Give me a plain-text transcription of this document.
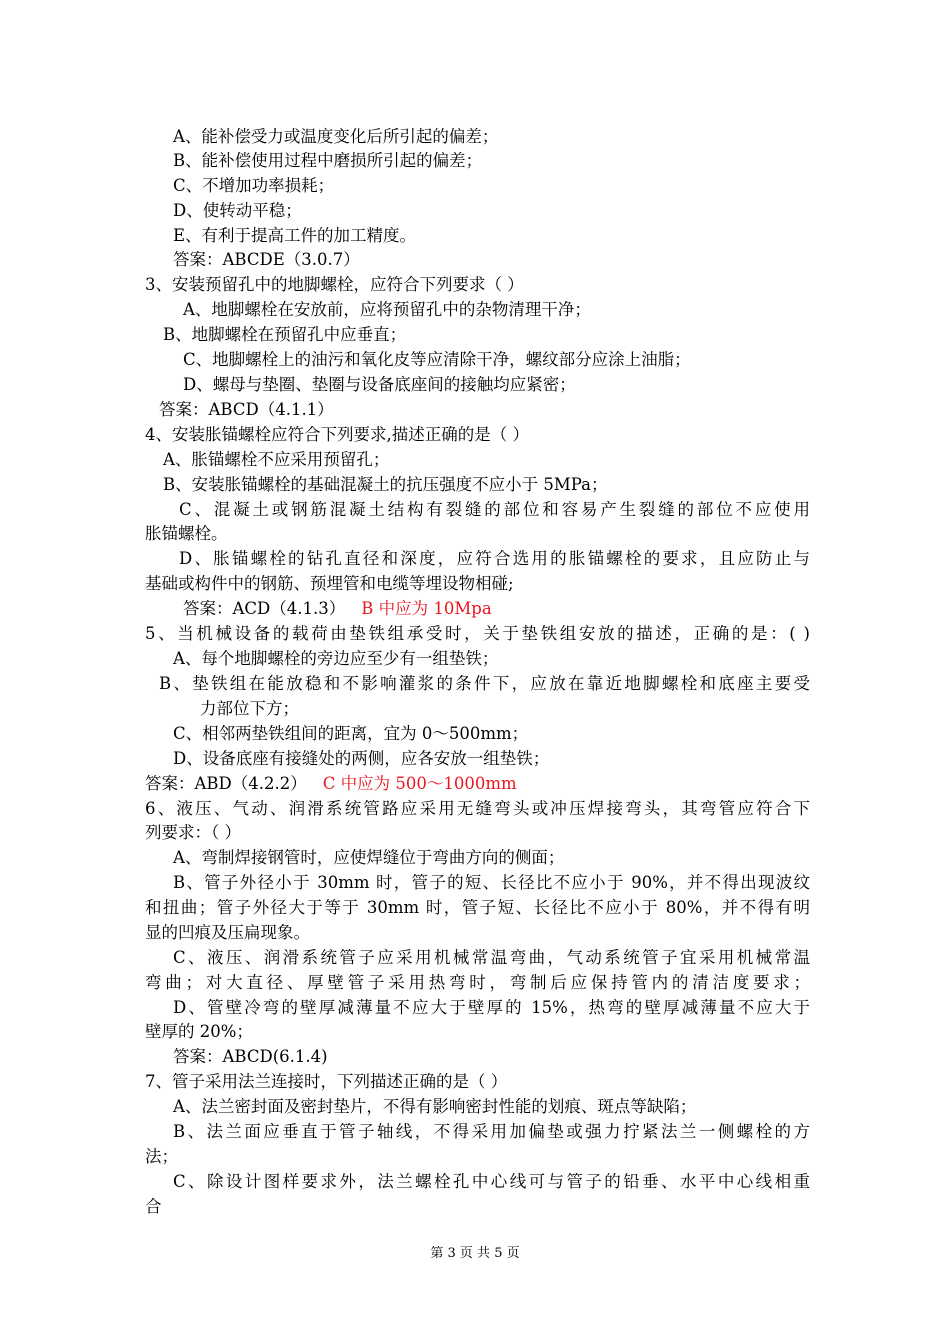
A、能补偿受力或温度变化后所引起的偏差；
B、能补偿使用过程中磨损所引起的偏差；
C、不增加功率损耗；
D、使转动平稳；
E、有利于提高工件的加工精度。
答案：ABCDE（3.0.7）
3、安装预留孔中的地脚螺栓，应符合下列要求（ ）
A、地脚螺栓在安放前，应将预留孔中的杂物清理干净；
B、地脚螺栓在预留孔中应垂直；
C、地脚螺栓上的油污和氧化皮等应清除干净，螺纹部分应涂上油脂；
D、螺母与垫圈、垫圈与设备底座间的接触均应紧密；
答案：ABCD（4.1.1）
4、安装胀锚螺栓应符合下列要求,描述正确的是（ ）
A、胀锚螺栓不应采用预留孔；
B、安装胀锚螺栓的基础混凝土的抗压强度不应小于 5MPa；
C、混凝土或钢筋混凝土结构有裂缝的部位和容易产生裂缝的部位不应使用
胀锚螺栓。
D、胀锚螺栓的钻孔直径和深度，应符合选用的胀锚螺栓的要求，且应防止与
基础或构件中的钢筋、预埋管和电缆等埋设物相碰;
答案：ACD（4.1.3） B 中应为 10Mpa
5、当机械设备的载荷由垫铁组承受时，关于垫铁组安放的描述，正确的是：( )
A、每个地脚螺栓的旁边应至少有一组垫铁；
B、垫铁组在能放稳和不影响灌浆的条件下，应放在靠近地脚螺栓和底座主要受
力部位下方；
C、相邻两垫铁组间的距离，宜为 0～500mm；
D、设备底座有接缝处的两侧，应各安放一组垫铁；
答案：ABD（4.2.2） C 中应为 500～1000mm
6、液压、气动、润滑系统管路应采用无缝弯头或冲压焊接弯头，其弯管应符合下
列要求：（ ）
A、弯制焊接钢管时，应使焊缝位于弯曲方向的侧面；
B、管子外径小于 30mm 时，管子的短、长径比不应小于 90%，并不得出现波纹
和扭曲；管子外径大于等于 30mm 时，管子短、长径比不应小于 80%，并不得有明
显的凹痕及压扁现象。
C、液压、润滑系统管子应采用机械常温弯曲，气动系统管子宜采用机械常温
弯曲；对大直径、厚壁管子采用热弯时，弯制后应保持管内的清洁度要求；
D、管壁冷弯的壁厚减薄量不应大于壁厚的 15%，热弯的壁厚减薄量不应大于
壁厚的 20%；
答案：ABCD(6.1.4)
7、管子采用法兰连接时，下列描述正确的是（ ）
A、法兰密封面及密封垫片，不得有影响密封性能的划痕、斑点等缺陷；
B、法兰面应垂直于管子轴线，不得采用加偏垫或强力拧紧法兰一侧螺栓的方
法；
C、除设计图样要求外，法兰螺栓孔中心线可与管子的铅垂、水平中心线相重
合
第 3 页 共 5 页
